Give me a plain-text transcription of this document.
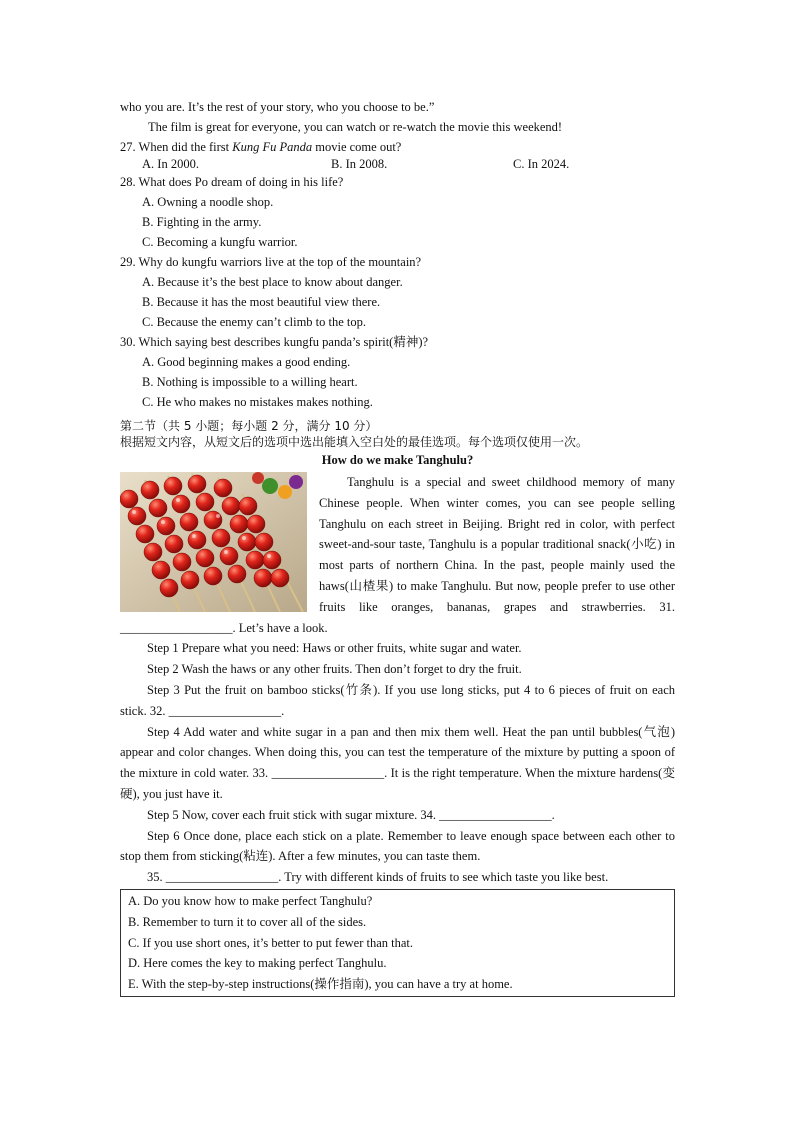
who you are. It’s the rest of your story, who you choose to be.”
The film is great for everyone, you can watch or re-watch the movie this weekend!
27. When did the first Kung Fu Panda movie come out?
A. In 2000.	B. In 2008.	C. In 2024.
28. What does Po dream of doing in his life?
A. Owning a noodle shop.
B. Fighting in the army.
C. Becoming a kungfu warrior.
29. Why do kungfu warriors live at the top of the mountain?
A. Because it’s the best place to know about danger.
B. Because it has the most beautiful view there.
C. Because the enemy can’t climb to the top.
30. Which saying best describes kungfu panda’s spirit(精神)?
A. Good beginning makes a good ending.
B. Nothing is impossible to a willing heart.
C. He who makes no mistakes makes nothing.
第二节（共 5 小题；每小题 2 分，满分 10 分）
根据短文内容，从短文后的选项中选出能填入空白处的最佳选项。每个选项仅使用一次。
How do we make Tanghulu?

Tanghulu is a special and sweet childhood memory of many Chinese people. When winter comes, you can see people selling Tanghulu on each street in Beijing. Bright red in color, with perfect sweet-and-sour taste, Tanghulu is a popular traditional snack(小吃) in most parts of northern China. In the past, people mainly used the haws(山楂果) to make Tanghulu. But now, people prefer to use other fruits like oranges, bananas, grapes and strawberries. 31. __________________. Let’s have a look.

Step 1 Prepare what you need: Haws or other fruits, white sugar and water.

Step 2 Wash the haws or any other fruits. Then don’t forget to dry the fruit.

Step 3 Put the fruit on bamboo sticks(竹条). If you use long sticks, put 4 to 6 pieces of fruit on each stick. 32. __________________.

Step 4 Add water and white sugar in a pan and then mix them well. Heat the pan until bubbles(气泡) appear and color changes. When doing this, you can test the temperature of the mixture by putting a spoon of the mixture in cold water. 33. __________________. It is the right temperature. When the mixture hardens(变硬), you just have it.

Step 5 Now, cover each fruit stick with sugar mixture. 34. __________________.

Step 6 Once done, place each stick on a plate. Remember to leave enough space between each other to stop them from sticking(粘连). After a few minutes, you can taste them.

35. __________________. Try with different kinds of fruits to see which taste you like best.

A. Do you know how to make perfect Tanghulu?
B. Remember to turn it to cover all of the sides.
C. If you use short ones, it’s better to put fewer than that.
D. Here comes the key to making perfect Tanghulu.
E. With the step-by-step instructions(操作指南), you can have a try at home.
